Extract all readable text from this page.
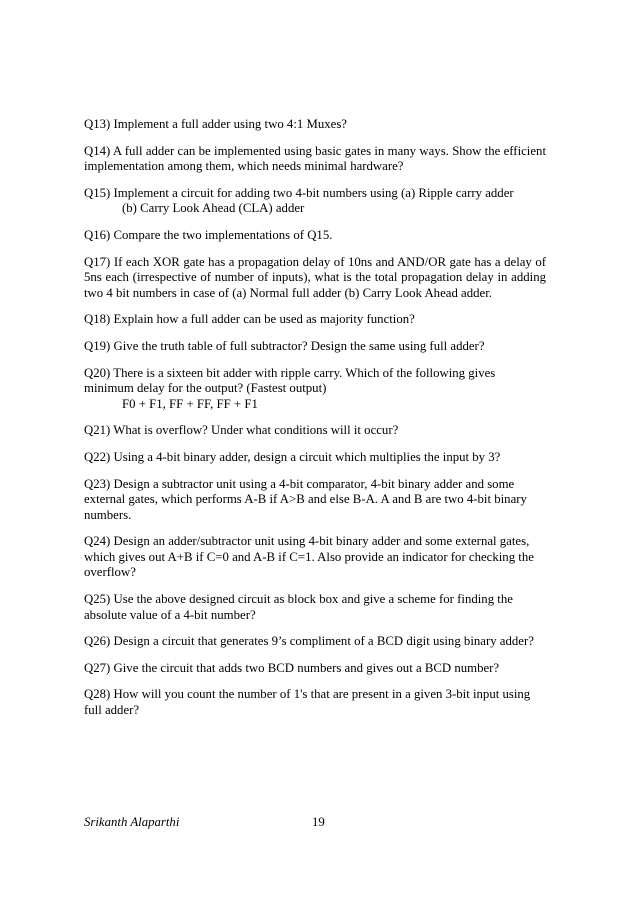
Q13) Implement a full adder using two 4:1 Muxes?

Q14) A full adder can be implemented using basic gates in many ways. Show the efficient implementation among them, which needs minimal hardware?

Q15) Implement a circuit for adding two 4-bit numbers using (a) Ripple carry adder

(b) Carry Look Ahead (CLA) adder

Q16) Compare the two implementations of Q15.

Q17) If each XOR gate has a propagation delay of 10ns and AND/OR gate has a delay of 5ns each (irrespective of number of inputs), what is the total propagation delay in adding two 4 bit numbers in case of (a) Normal full adder (b) Carry Look Ahead adder.

Q18) Explain how a full adder can be used as majority function?

Q19) Give the truth table of full subtractor? Design the same using full adder?

Q20) There is a sixteen bit adder with ripple carry. Which of the following gives

minimum delay for the output? (Fastest output)

F0 + F1, FF + FF, FF + F1

Q21) What is overflow? Under what conditions will it occur?

Q22) Using a 4-bit binary adder, design a circuit which multiplies the input by 3?

Q23) Design a subtractor unit using a 4-bit comparator, 4-bit binary adder and some external gates, which performs A-B if A>B and else B-A. A and B are two 4-bit binary numbers.

Q24) Design an adder/subtractor unit using 4-bit binary adder and some external gates, which gives out A+B if C=0 and A-B if C=1. Also provide an indicator for checking the overflow?

Q25) Use the above designed circuit as block box and give a scheme for finding the absolute value of a 4-bit number?

Q26) Design a circuit that generates 9’s compliment of a BCD digit using binary adder?

Q27) Give the circuit that adds two BCD numbers and gives out a BCD number?

Q28) How will you count the number of 1's that are present in a given 3-bit input using full adder?

Srikanth Alaparthi	19
